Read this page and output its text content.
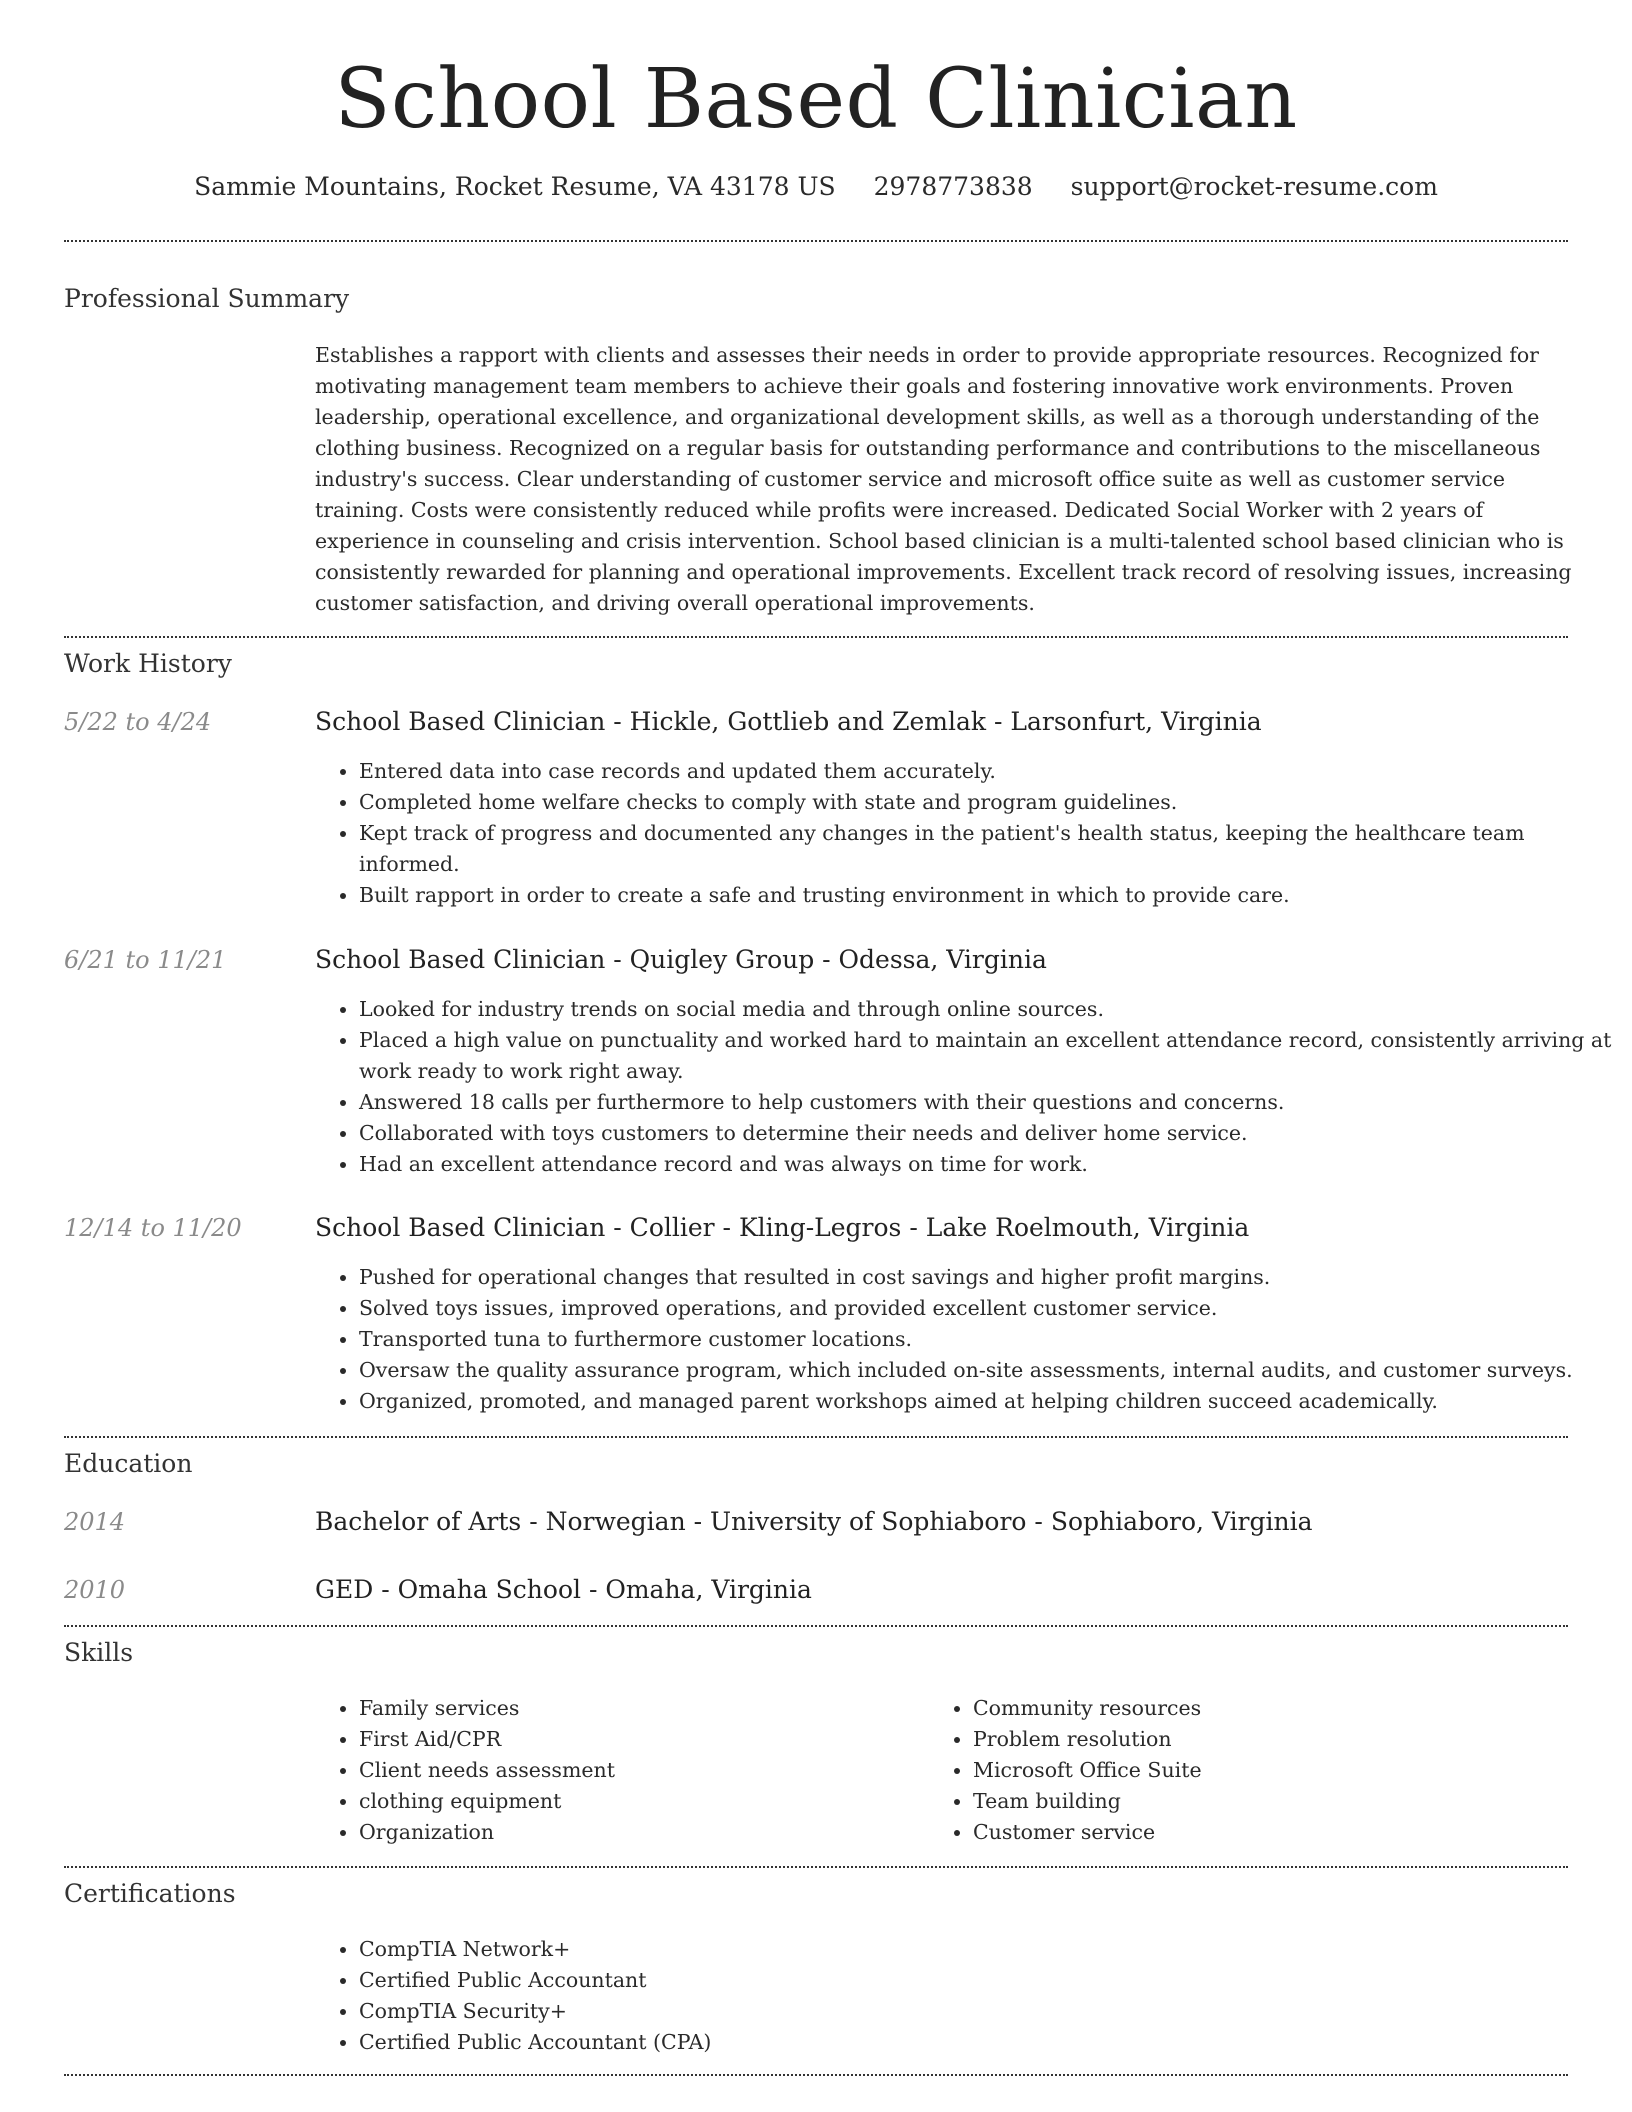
School Based Clinician
Sammie Mountains, Rocket Resume, VA 43178 US 2978773838 support@rocket-resume.com
Professional Summary

Establishes a rapport with clients and assesses their needs in order to provide appropriate resources. Recognized for motivating management team members to achieve their goals and fostering innovative work environments. Proven leadership, operational excellence, and organizational development skills, as well as a thorough understanding of the clothing business. Recognized on a regular basis for outstanding performance and contributions to the miscellaneous industry's success. Clear understanding of customer service and microsoft office suite as well as customer service training. Costs were consistently reduced while profits were increased. Dedicated Social Worker with 2 years of experience in counseling and crisis intervention. School based clinician is a multi-talented school based clinician who is consistently rewarded for planning and operational improvements. Excellent track record of resolving issues, increasing customer satisfaction, and driving overall operational improvements.

Work History
5/22 to 4/24	School Based Clinician - Hickle, Gottlieb and Zemlak - Larsonfurt, Virginia
• Entered data into case records and updated them accurately.
• Completed home welfare checks to comply with state and program guidelines.
• Kept track of progress and documented any changes in the patient's health status, keeping the healthcare team informed.
• Built rapport in order to create a safe and trusting environment in which to provide care.
6/21 to 11/21	School Based Clinician - Quigley Group - Odessa, Virginia
• Looked for industry trends on social media and through online sources.
• Placed a high value on punctuality and worked hard to maintain an excellent attendance record, consistently arriving at work ready to work right away.
• Answered 18 calls per furthermore to help customers with their questions and concerns.
• Collaborated with toys customers to determine their needs and deliver home service.
• Had an excellent attendance record and was always on time for work.
12/14 to 11/20	School Based Clinician - Collier - Kling-Legros - Lake Roelmouth, Virginia
• Pushed for operational changes that resulted in cost savings and higher profit margins.
• Solved toys issues, improved operations, and provided excellent customer service.
• Transported tuna to furthermore customer locations.
• Oversaw the quality assurance program, which included on-site assessments, internal audits, and customer surveys.
• Organized, promoted, and managed parent workshops aimed at helping children succeed academically.
Education
2014	Bachelor of Arts - Norwegian - University of Sophiaboro - Sophiaboro, Virginia
2010	GED - Omaha School - Omaha, Virginia
Skills
• Family services
• First Aid/CPR
• Client needs assessment
• clothing equipment
• Organization
• Community resources
• Problem resolution
• Microsoft Office Suite
• Team building
• Customer service
Certifications
• CompTIA Network+
• Certified Public Accountant
• CompTIA Security+
• Certified Public Accountant (CPA)
